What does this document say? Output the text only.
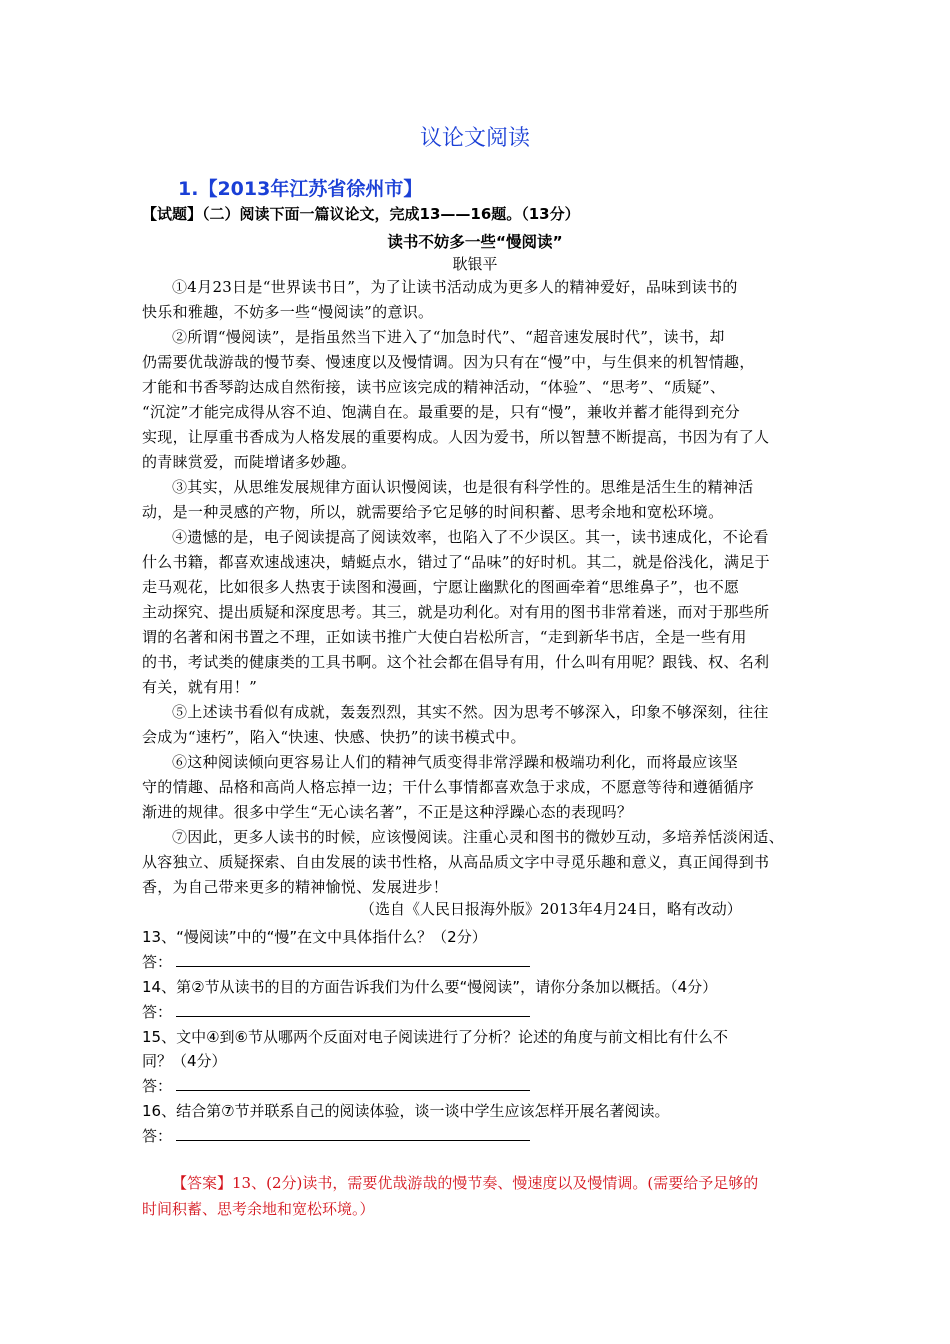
议论文阅读
1.【2013年江苏省徐州市】
【试题】（二）阅读下面一篇议论文，完成13——16题。（13分）
读书不妨多一些“慢阅读”
耿银平
①4月23日是“世界读书日”，为了让读书活动成为更多人的精神爱好，品味到读书的
快乐和雅趣，不妨多一些“慢阅读”的意识。
②所谓“慢阅读”，是指虽然当下进入了“加急时代”、“超音速发展时代”，读书，却
仍需要优哉游哉的慢节奏、慢速度以及慢情调。因为只有在“慢”中，与生俱来的机智情趣，
才能和书香琴韵达成自然衔接，读书应该完成的精神活动，“体验”、“思考”、“质疑”、
“沉淀”才能完成得从容不迫、饱满自在。最重要的是，只有“慢”，兼收并蓄才能得到充分
实现，让厚重书香成为人格发展的重要构成。人因为爱书，所以智慧不断提高，书因为有了人
的青睐赏爱，而陡增诸多妙趣。
③其实，从思维发展规律方面认识慢阅读，也是很有科学性的。思维是活生生的精神活
动，是一种灵感的产物，所以，就需要给予它足够的时间积蓄、思考余地和宽松环境。
④遗憾的是，电子阅读提高了阅读效率，也陷入了不少误区。其一，读书速成化，不论看
什么书籍，都喜欢速战速决，蜻蜓点水，错过了“品味”的好时机。其二，就是俗浅化，满足于
走马观花，比如很多人热衷于读图和漫画，宁愿让幽默化的图画牵着“思维鼻子”，也不愿
主动探究、提出质疑和深度思考。其三，就是功利化。对有用的图书非常着迷，而对于那些所
谓的名著和闲书置之不理，正如读书推广大使白岩松所言，“走到新华书店，全是一些有用
的书，考试类的健康类的工具书啊。这个社会都在倡导有用，什么叫有用呢？跟钱、权、名利
有关，就有用！”
⑤上述读书看似有成就，轰轰烈烈，其实不然。因为思考不够深入，印象不够深刻，往往
会成为“速朽”，陷入“快速、快感、快扔”的读书模式中。
⑥这种阅读倾向更容易让人们的精神气质变得非常浮躁和极端功利化，而将最应该坚
守的情趣、品格和高尚人格忘掉一边；干什么事情都喜欢急于求成，不愿意等待和遵循循序
渐进的规律。很多中学生“无心读名著”，不正是这种浮躁心态的表现吗？
⑦因此，更多人读书的时候，应该慢阅读。注重心灵和图书的微妙互动，多培养恬淡闲适、
从容独立、质疑探索、自由发展的读书性格，从高品质文字中寻觅乐趣和意义，真正闻得到书
香，为自己带来更多的精神愉悦、发展进步！
（选自《人民日报海外版》2013年4月24日，略有改动）
13、“慢阅读”中的“慢”在文中具体指什么？（2分）
答：
14、第②节从读书的目的方面告诉我们为什么要“慢阅读”，请你分条加以概括。（4分）
答：
15、文中④到⑥节从哪两个反面对电子阅读进行了分析？论述的角度与前文相比有什么不
同？（4分）
答：
16、结合第⑦节并联系自己的阅读体验，谈一谈中学生应该怎样开展名著阅读。
答：
【答案】13、(2分)读书，需要优哉游哉的慢节奏、慢速度以及慢情调。(需要给予足够的
时间积蓄、思考余地和宽松环境。）
